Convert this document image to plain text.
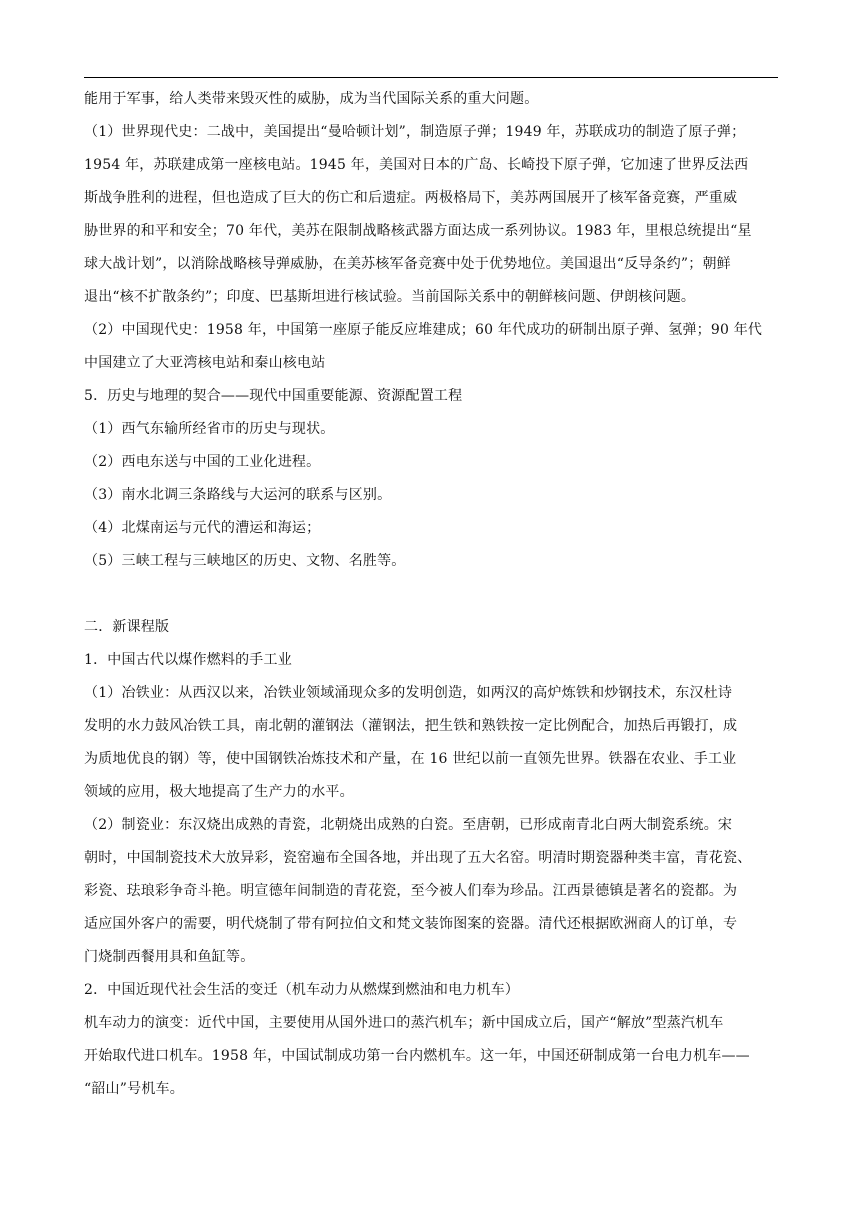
能用于军事，给人类带来毁灭性的威胁，成为当代国际关系的重大问题。
（1）世界现代史：二战中，美国提出“曼哈顿计划”，制造原子弹；1949 年，苏联成功的制造了原子弹；
1954 年，苏联建成第一座核电站。1945 年，美国对日本的广岛、长崎投下原子弹，它加速了世界反法西
斯战争胜利的进程，但也造成了巨大的伤亡和后遗症。两极格局下，美苏两国展开了核军备竞赛，严重威
胁世界的和平和安全；70 年代，美苏在限制战略核武器方面达成一系列协议。1983 年，里根总统提出“星
球大战计划”，以消除战略核导弹威胁，在美苏核军备竞赛中处于优势地位。美国退出“反导条约”；朝鲜
退出“核不扩散条约”；印度、巴基斯坦进行核试验。当前国际关系中的朝鲜核问题、伊朗核问题。
（2）中国现代史：1958 年，中国第一座原子能反应堆建成；60 年代成功的研制出原子弹、氢弹；90 年代
中国建立了大亚湾核电站和秦山核电站
5．历史与地理的契合——现代中国重要能源、资源配置工程
（1）西气东输所经省市的历史与现状。
（2）西电东送与中国的工业化进程。
（3）南水北调三条路线与大运河的联系与区别。
（4）北煤南运与元代的漕运和海运；
（5）三峡工程与三峡地区的历史、文物、名胜等。
二．新课程版
1．中国古代以煤作燃料的手工业
（1）冶铁业：从西汉以来，冶铁业领域涌现众多的发明创造，如两汉的高炉炼铁和炒钢技术，东汉杜诗
发明的水力鼓风冶铁工具，南北朝的灌钢法（灌钢法，把生铁和熟铁按一定比例配合，加热后再锻打，成
为质地优良的钢）等，使中国钢铁冶炼技术和产量，在 16 世纪以前一直领先世界。铁器在农业、手工业
领域的应用，极大地提高了生产力的水平。
（2）制瓷业：东汉烧出成熟的青瓷，北朝烧出成熟的白瓷。至唐朝，已形成南青北白两大制瓷系统。宋
朝时，中国制瓷技术大放异彩，瓷窑遍布全国各地，并出现了五大名窑。明清时期瓷器种类丰富，青花瓷、
彩瓷、珐琅彩争奇斗艳。明宣德年间制造的青花瓷，至今被人们奉为珍品。江西景德镇是著名的瓷都。为
适应国外客户的需要，明代烧制了带有阿拉伯文和梵文装饰图案的瓷器。清代还根据欧洲商人的订单，专
门烧制西餐用具和鱼缸等。
2．中国近现代社会生活的变迁（机车动力从燃煤到燃油和电力机车）
机车动力的演变：近代中国，主要使用从国外进口的蒸汽机车；新中国成立后，国产“解放”型蒸汽机车
开始取代进口机车。1958 年，中国试制成功第一台内燃机车。这一年，中国还研制成第一台电力机车——
“韶山”号机车。
